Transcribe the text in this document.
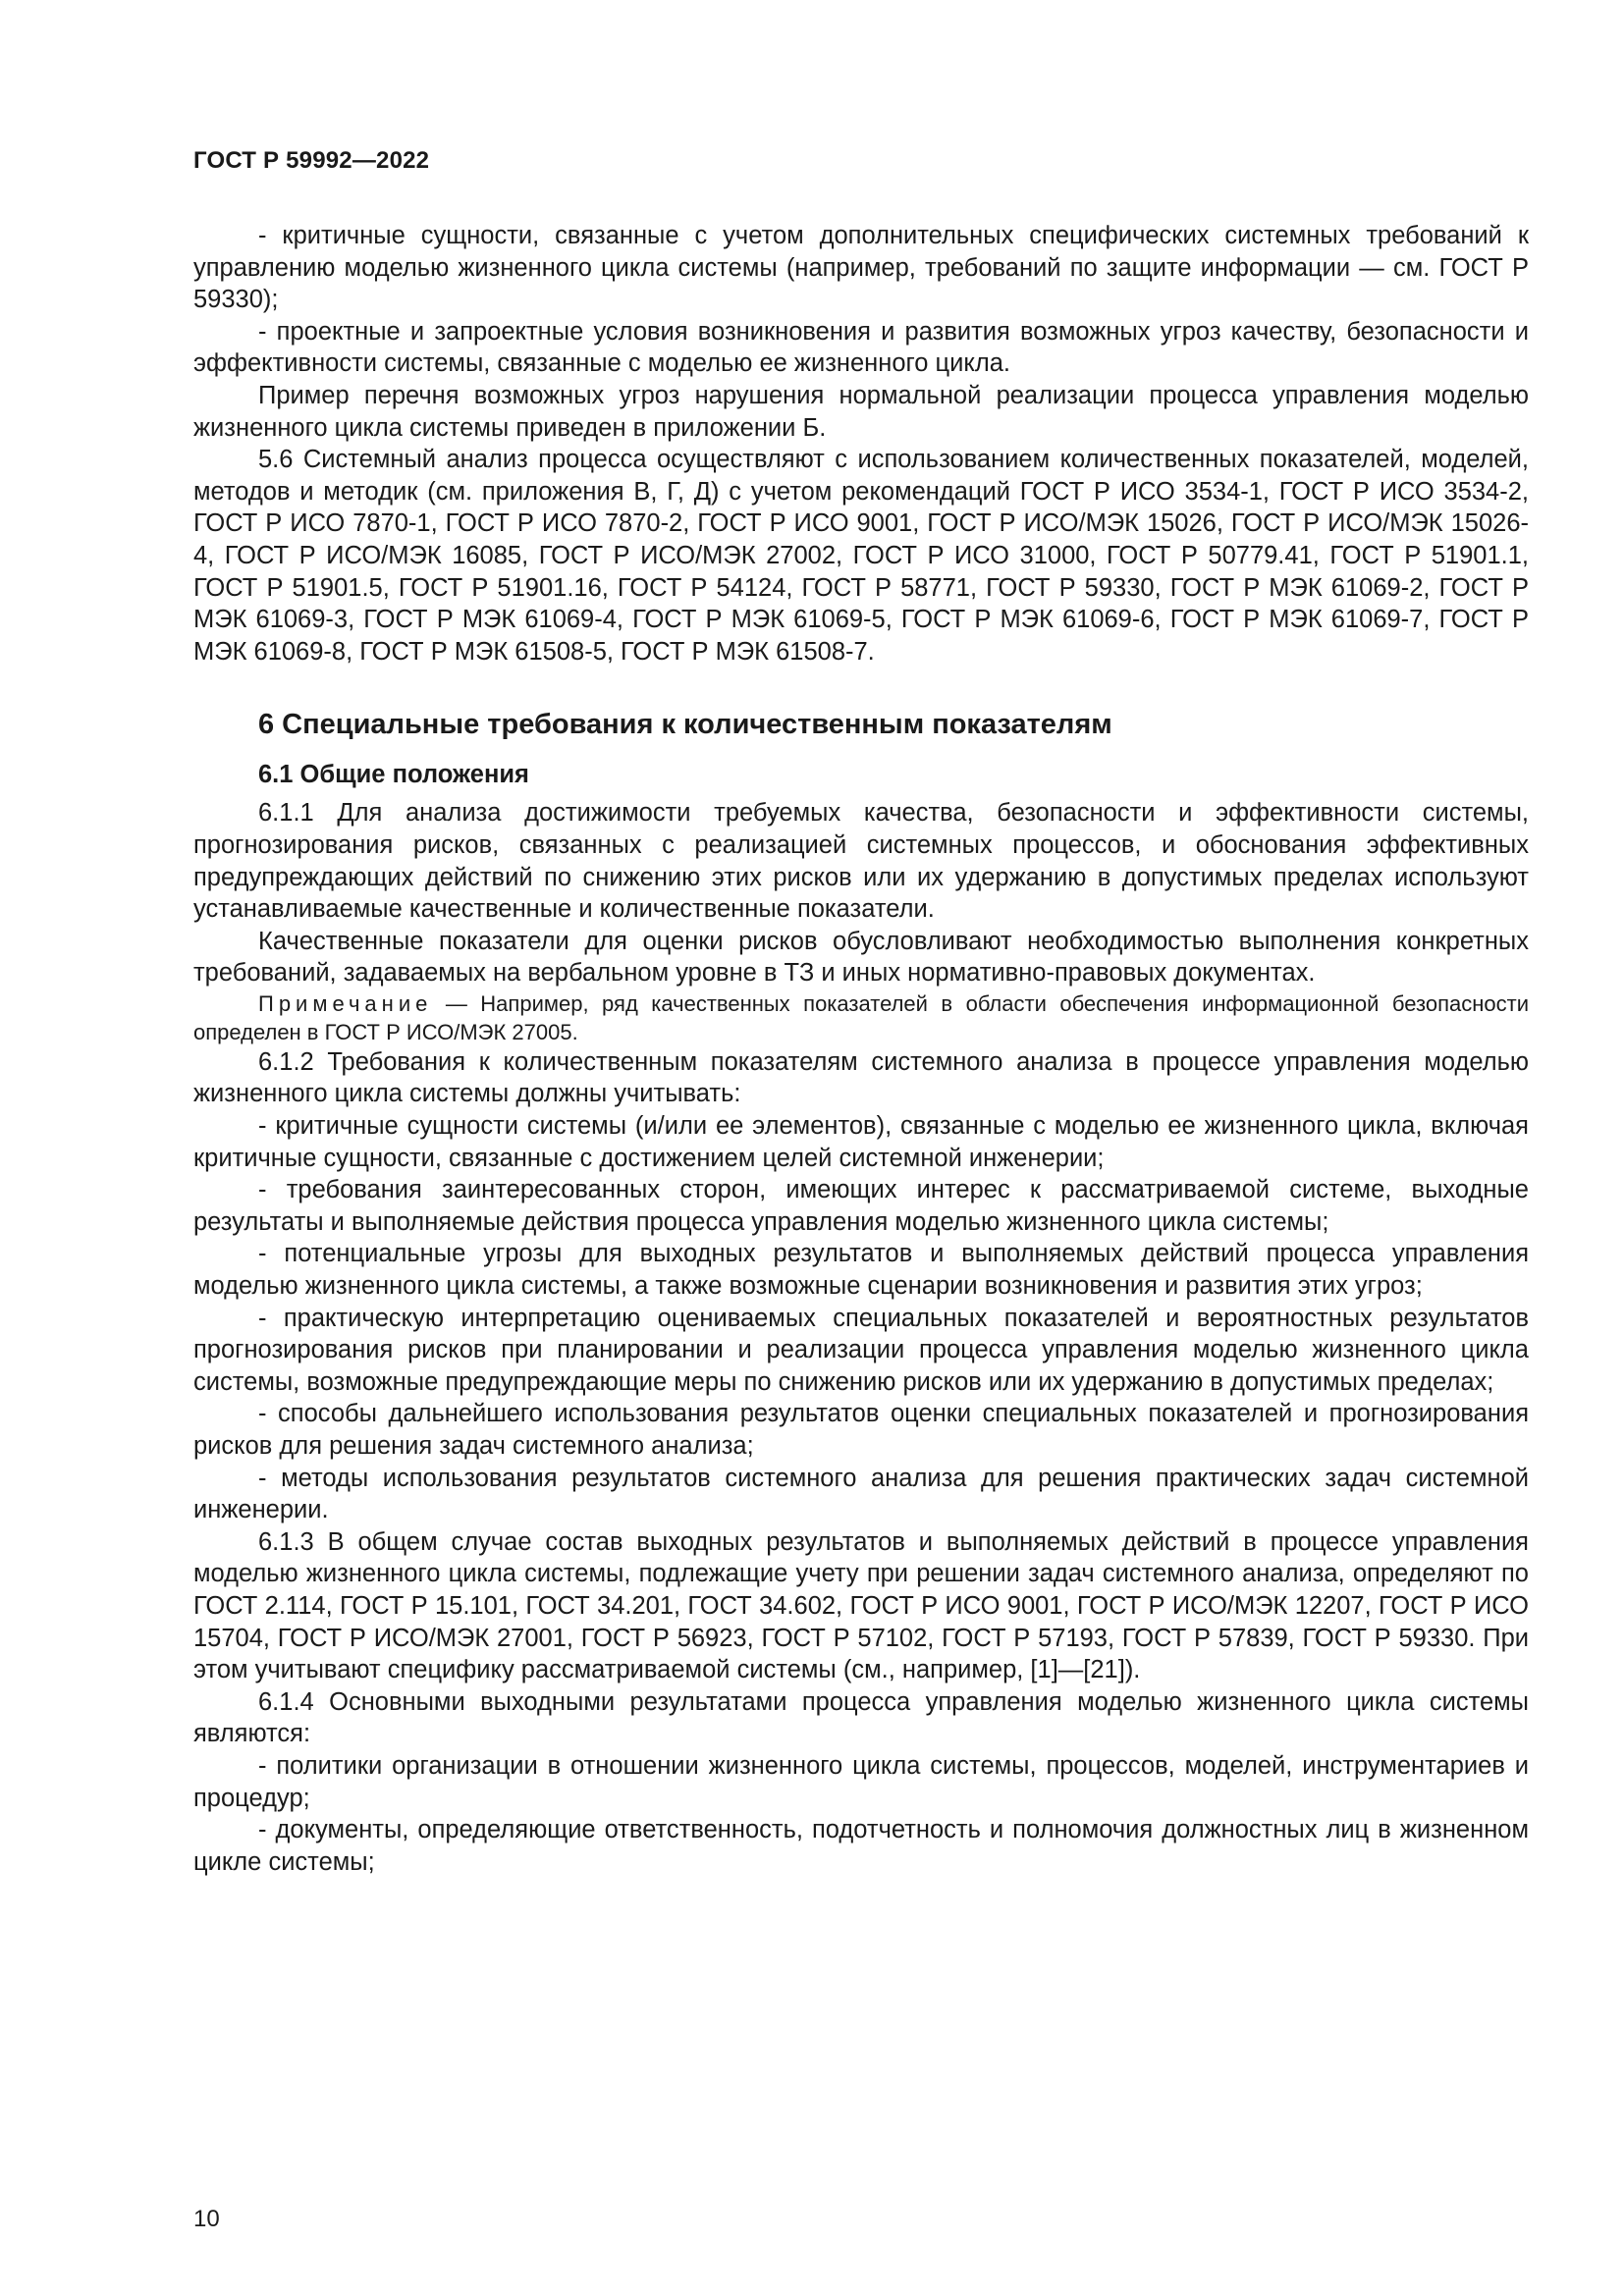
ГОСТ Р 59992—2022

- критичные сущности, связанные с учетом дополнительных специфических системных требований к управлению моделью жизненного цикла системы (например, требований по защите информации — см. ГОСТ Р 59330);

- проектные и запроектные условия возникновения и развития возможных угроз качеству, безопасности и эффективности системы, связанные с моделью ее жизненного цикла.

Пример перечня возможных угроз нарушения нормальной реализации процесса управления моделью жизненного цикла системы приведен в приложении Б.

5.6 Системный анализ процесса осуществляют с использованием количественных показателей, моделей, методов и методик (см. приложения В, Г, Д) с учетом рекомендаций ГОСТ Р ИСО 3534-1, ГОСТ Р ИСО 3534-2, ГОСТ Р ИСО 7870-1, ГОСТ Р ИСО 7870-2, ГОСТ Р ИСО 9001, ГОСТ Р ИСО/МЭК 15026, ГОСТ Р ИСО/МЭК 15026-4, ГОСТ Р ИСО/МЭК 16085, ГОСТ Р ИСО/МЭК 27002, ГОСТ Р ИСО 31000, ГОСТ Р 50779.41, ГОСТ Р 51901.1, ГОСТ Р 51901.5, ГОСТ Р 51901.16, ГОСТ Р 54124, ГОСТ Р 58771, ГОСТ Р 59330, ГОСТ Р МЭК 61069-2, ГОСТ Р МЭК 61069-3, ГОСТ Р МЭК 61069-4, ГОСТ Р МЭК 61069-5, ГОСТ Р МЭК 61069-6, ГОСТ Р МЭК 61069-7, ГОСТ Р МЭК 61069-8, ГОСТ Р МЭК 61508-5, ГОСТ Р МЭК 61508-7.

6 Специальные требования к количественным показателям
6.1 Общие положения

6.1.1 Для анализа достижимости требуемых качества, безопасности и эффективности системы, прогнозирования рисков, связанных с реализацией системных процессов, и обоснования эффективных предупреждающих действий по снижению этих рисков или их удержанию в допустимых пределах используют устанавливаемые качественные и количественные показатели.

Качественные показатели для оценки рисков обусловливают необходимостью выполнения конкретных требований, задаваемых на вербальном уровне в ТЗ и иных нормативно-правовых документах.

Примечание — Например, ряд качественных показателей в области обеспечения информационной безопасности определен в ГОСТ Р ИСО/МЭК 27005.

6.1.2 Требования к количественным показателям системного анализа в процессе управления моделью жизненного цикла системы должны учитывать:

- критичные сущности системы (и/или ее элементов), связанные с моделью ее жизненного цикла, включая критичные сущности, связанные с достижением целей системной инженерии;

- требования заинтересованных сторон, имеющих интерес к рассматриваемой системе, выходные результаты и выполняемые действия процесса управления моделью жизненного цикла системы;

- потенциальные угрозы для выходных результатов и выполняемых действий процесса управления моделью жизненного цикла системы, а также возможные сценарии возникновения и развития этих угроз;

- практическую интерпретацию оцениваемых специальных показателей и вероятностных результатов прогнозирования рисков при планировании и реализации процесса управления моделью жизненного цикла системы, возможные предупреждающие меры по снижению рисков или их удержанию в допустимых пределах;

- способы дальнейшего использования результатов оценки специальных показателей и прогнозирования рисков для решения задач системного анализа;

- методы использования результатов системного анализа для решения практических задач системной инженерии.

6.1.3 В общем случае состав выходных результатов и выполняемых действий в процессе управления моделью жизненного цикла системы, подлежащие учету при решении задач системного анализа, определяют по ГОСТ 2.114, ГОСТ Р 15.101, ГОСТ 34.201, ГОСТ 34.602, ГОСТ Р ИСО 9001, ГОСТ Р ИСО/МЭК 12207, ГОСТ Р ИСО 15704, ГОСТ Р ИСО/МЭК 27001, ГОСТ Р 56923, ГОСТ Р 57102, ГОСТ Р 57193, ГОСТ Р 57839, ГОСТ Р 59330. При этом учитывают специфику рассматриваемой системы (см., например, [1]—[21]).

6.1.4 Основными выходными результатами процесса управления моделью жизненного цикла системы являются:

- политики организации в отношении жизненного цикла системы, процессов, моделей, инструментариев и процедур;

- документы, определяющие ответственность, подотчетность и полномочия должностных лиц в жизненном цикле системы;

10
